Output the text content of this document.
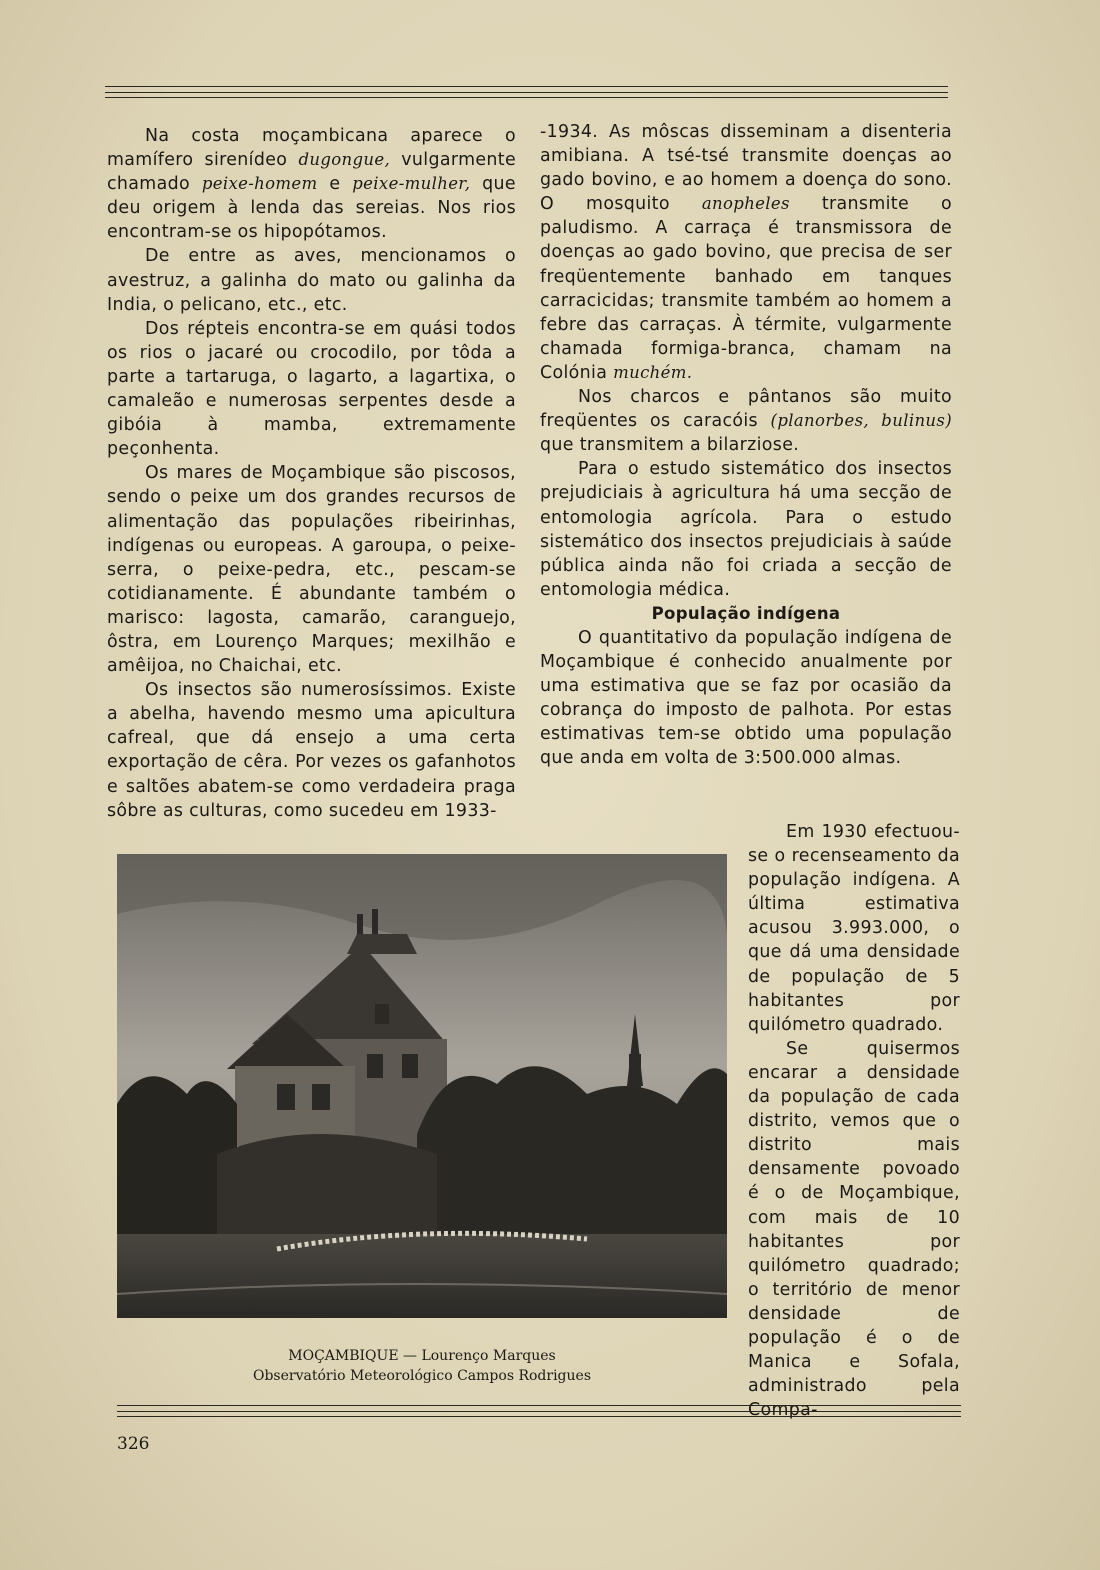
Na costa moçambicana aparece o mamífero sirenídeo dugongue, vulgarmente chamado peixe-homem e peixe-mulher, que deu origem à lenda das sereias. Nos rios encontram-se os hipopótamos.

De entre as aves, mencionamos o avestruz, a galinha do mato ou galinha da India, o pelicano, etc., etc.

Dos répteis encontra-se em quási todos os rios o jacaré ou crocodilo, por tôda a parte a tartaruga, o lagarto, a lagartixa, o camaleão e numerosas serpentes desde a gibóia à mamba, extremamente peçonhenta.

Os mares de Moçambique são piscosos, sendo o peixe um dos grandes recursos de alimentação das populações ribeirinhas, indígenas ou europeas. A garoupa, o peixe-serra, o peixe-pedra, etc., pescam-se cotidianamente. É abundante também o marisco: lagosta, camarão, caranguejo, ôstra, em Lourenço Marques; mexilhão e amêijoa, no Chaichai, etc.

Os insectos são numerosíssimos. Existe a abelha, havendo mesmo uma apicultura cafreal, que dá ensejo a uma certa exportação de cêra. Por vezes os gafanhotos e saltões abatem-se como verdadeira praga sôbre as culturas, como sucedeu em 1933-

-1934. As môscas disseminam a disenteria amibiana. A tsé-tsé transmite doenças ao gado bovino, e ao homem a doença do sono. O mosquito anopheles transmite o paludismo. A carraça é transmissora de doenças ao gado bovino, que precisa de ser freqüentemente banhado em tanques carracicidas; transmite também ao homem a febre das carraças. À térmite, vulgarmente chamada formiga-branca, chamam na Colónia muchém.

Nos charcos e pântanos são muito freqüentes os caracóis (planorbes, bulinus) que transmitem a bilarziose.

Para o estudo sistemático dos insectos prejudiciais à agricultura há uma secção de entomologia agrícola. Para o estudo sistemático dos insectos prejudiciais à saúde pública ainda não foi criada a secção de entomologia médica.

População indígena

O quantitativo da população indígena de Moçambique é conhecido anualmente por uma estimativa que se faz por ocasião da cobrança do imposto de palhota. Por estas estimativas tem-se obtido uma população que anda em volta de 3:500.000 almas.

MOÇAMBIQUE — Lourenço Marques
Observatório Meteorológico Campos Rodrigues

Em 1930 efectuou-se o recenseamento da população indígena. A última estimativa acusou 3.993.000, o que dá uma densidade de população de 5 habitantes por quilómetro quadrado.

Se quisermos encarar a densidade da população de cada distrito, vemos que o distrito mais densamente povoado é o de Moçambique, com mais de 10 habitantes por quilómetro quadrado; o território de menor densidade de população é o de Manica e Sofala, administrado pela Compa-

326
